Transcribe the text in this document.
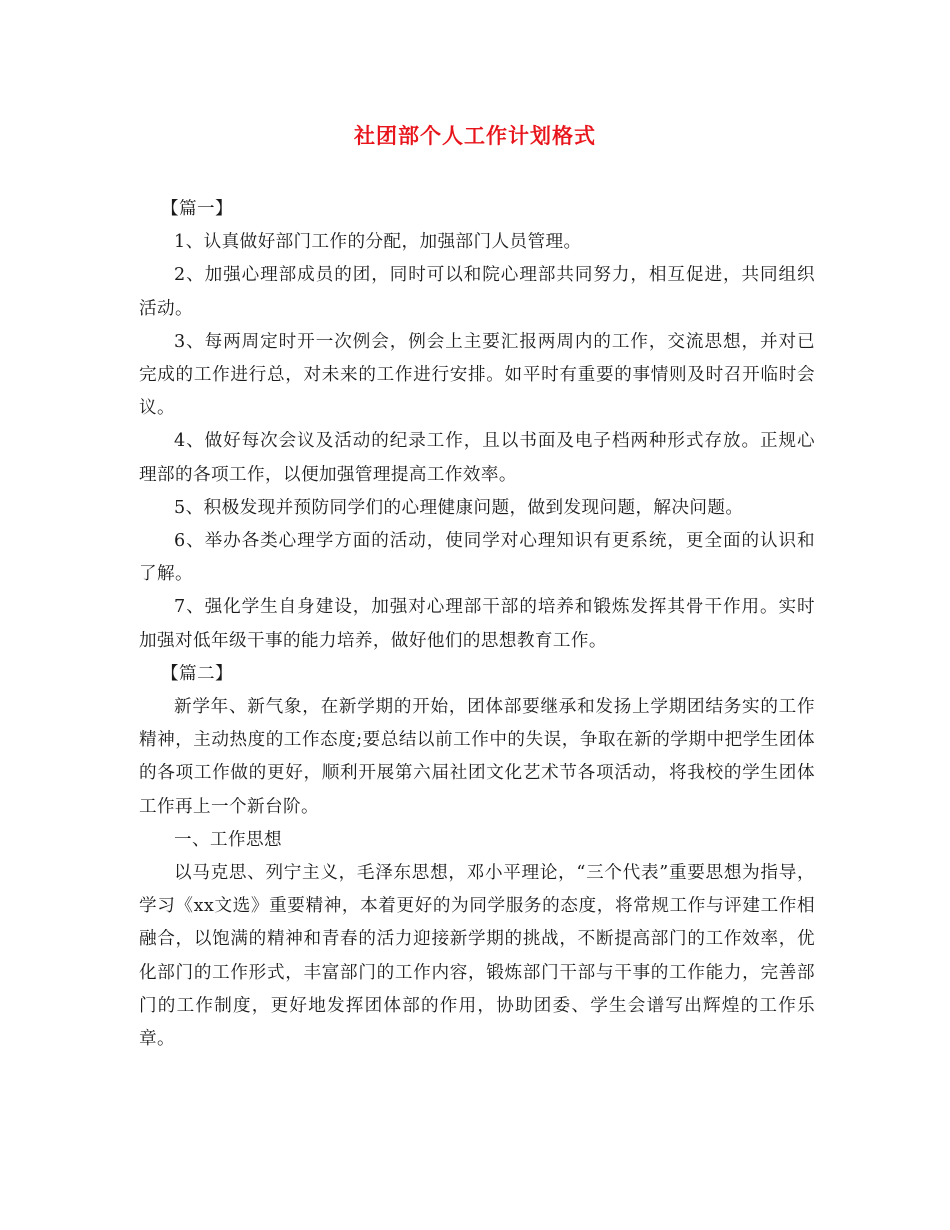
社团部个人工作计划格式

【篇一】

1、认真做好部门工作的分配，加强部门人员管理。

2、加强心理部成员的团，同时可以和院心理部共同努力，相互促进，共同组织活动。

3、每两周定时开一次例会，例会上主要汇报两周内的工作，交流思想，并对已完成的工作进行总，对未来的工作进行安排。如平时有重要的事情则及时召开临时会议。

4、做好每次会议及活动的纪录工作，且以书面及电子档两种形式存放。正规心理部的各项工作，以便加强管理提高工作效率。

5、积极发现并预防同学们的心理健康问题，做到发现问题，解决问题。

6、举办各类心理学方面的活动，使同学对心理知识有更系统，更全面的认识和了解。

7、强化学生自身建设，加强对心理部干部的培养和锻炼发挥其骨干作用。实时加强对低年级干事的能力培养，做好他们的思想教育工作。

【篇二】

新学年、新气象，在新学期的开始，团体部要继承和发扬上学期团结务实的工作精神，主动热度的工作态度;要总结以前工作中的失误，争取在新的学期中把学生团体的各项工作做的更好，顺利开展第六届社团文化艺术节各项活动，将我校的学生团体工作再上一个新台阶。

一、工作思想

以马克思、列宁主义，毛泽东思想，邓小平理论，“三个代表”重要思想为指导，学习《xx文选》重要精神，本着更好的为同学服务的态度，将常规工作与评建工作相融合，以饱满的精神和青春的活力迎接新学期的挑战，不断提高部门的工作效率，优化部门的工作形式，丰富部门的工作内容，锻炼部门干部与干事的工作能力，完善部门的工作制度，更好地发挥团体部的作用，协助团委、学生会谱写出辉煌的工作乐章。
